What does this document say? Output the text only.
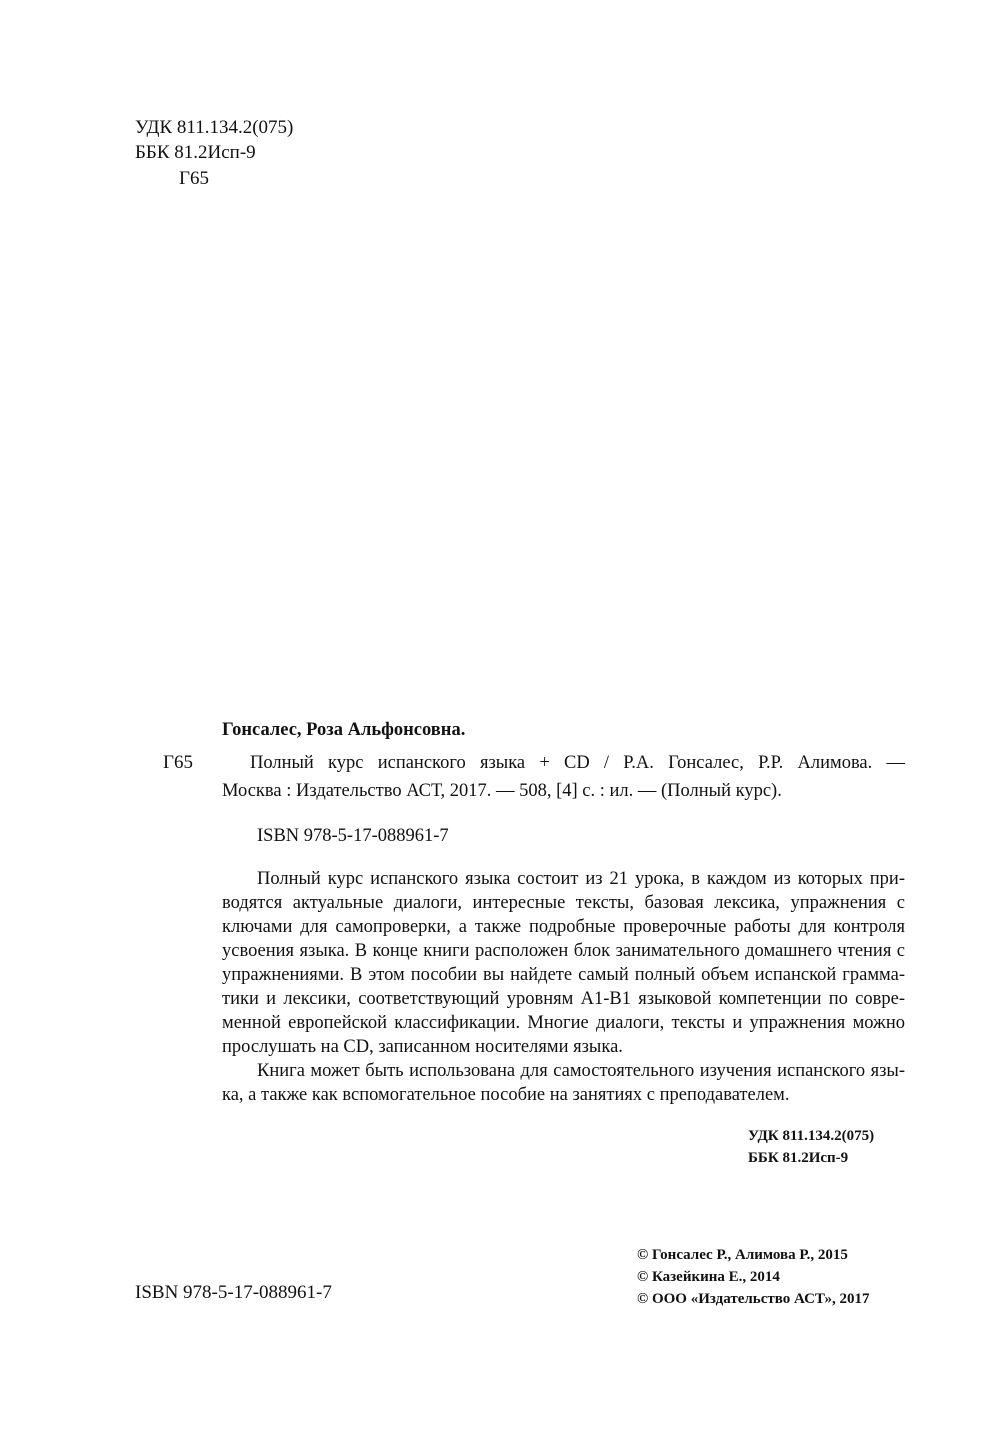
УДК 811.134.2(075)
ББК 81.2Исп-9
Г65
Гонсалес, Роза Альфонсовна.
Г65	Полный курс испанского языка + CD / Р.А. Гонсалес, Р.Р. Алимова. —
Москва : Издательство АСТ, 2017. — 508, [4] с. : ил. — (Полный курс).
ISBN 978-5-17-088961-7
Полный курс испанского языка состоит из 21 урока, в каждом из которых при-
водятся актуальные диалоги, интересные тексты, базовая лексика, упражнения с
ключами для самопроверки, а также подробные проверочные работы для контроля
усвоения языка. В конце книги расположен блок занимательного домашнего чтения с
упражнениями. В этом пособии вы найдете самый полный объем испанской грамма-
тики и лексики, соответствующий уровням А1-В1 языковой компетенции по совре-
менной европейской классификации. Многие диалоги, тексты и упражнения можно
прослушать на CD, записанном носителями языка.
Книга может быть использована для самостоятельного изучения испанского язы-
ка, а также как вспомогательное пособие на занятиях с преподавателем.
УДК 811.134.2(075)
ББК 81.2Исп-9
ISBN 978-5-17-088961-7
© Гонсалес Р., Алимова Р., 2015
© Казейкина Е., 2014
© ООО «Издательство АСТ», 2017
